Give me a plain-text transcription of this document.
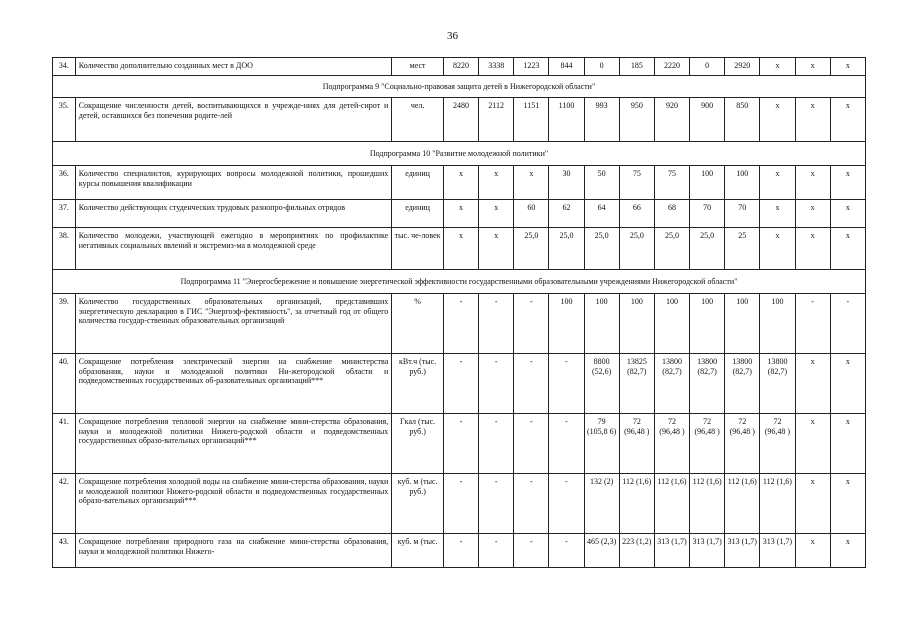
36
34.	Количество дополнительно созданных мест в ДОО	мест	8220	3338	1223	844	0	185	2220	0	2920	x	x	x
Подпрограмма 9 "Социально-правовая защита детей в Нижегородской области"														
35.	Сокращение численности детей, воспитывающихся в учрежде-ниях для детей-сирот и детей, оставшихся без попечения родите-лей	чел.	2480	2112	1151	1100	993	950	920	900	850	x	x	x
Подпрограмма 10 "Развитие молодежной политики"														
36.	Количество специалистов, курирующих вопросы молодежной политики, прошедших курсы повышения квалификации	единиц	x	x	x	30	50	75	75	100	100	x	x	x
37.	Количество действующих студенческих трудовых разнопро-фильных отрядов	единиц	x	x	60	62	64	66	68	70	70	x	x	x
38.	Количество молодежи, участвующей ежегодно в мероприятиях по профилактике негативных социальных явлений и экстремиз-ма в молодежной среде	тыс. че-ловек	x	x	25,0	25,0	25,0	25,0	25,0	25,0	25	x	x	x
Подпрограмма 11 "Энергосбережение и повышение энергетической эффективности государственными образовательными учреждениями Нижегородской области"														
39.	Количество государственных образовательных организаций, представивших энергетическую декларацию в ГИС "Энергоэф-фективность", за отчетный год от общего количества государ-ственных образовательных организаций	%	-	-	-	100	100	100	100	100	100	100	-	-
40.	Сокращение потребления электрической энергии на снабжение министерства образования, науки и молодежной политики Ни-жегородской области и подведомственных государственных об-разовательных организаций***	кВт.ч (тыс. руб.)	-	-	-	-	8800 (52,6)	13825 (82,7)	13800 (82,7)	13800 (82,7)	13800 (82,7)	13800 (82,7)	x	x
41.	Сокращение потребления тепловой энергии на снабжение мини-стерства образования, науки и молодежной политики Нижего-родской области и подведомственных государственных образо-вательных организаций***	Гкал (тыс. руб.)	-	-	-	-	79 (105,8 6)	72 (96,48 )	72 (96,48 )	72 (96,48 )	72 (96,48 )	72 (96,48 )	x	x
42.	Сокращение потребления холодной воды на снабжение мини-стерства образования, науки и молодежной политики Нижего-родской области и подведомственных государственных образо-вательных организаций***	куб. м (тыс. руб.)	-	-	-	-	132 (2)	112 (1,6)	112 (1,6)	112 (1,6)	112 (1,6)	112 (1,6)	x	x
43.	Сокращение потребления природного газа на снабжение мини-стерства образования, науки и молодежной политики Нижего-	куб. м (тыс.	-	-	-	-	465 (2,3)	223 (1,2)	313 (1,7)	313 (1,7)	313 (1,7)	313 (1,7)	x	x
